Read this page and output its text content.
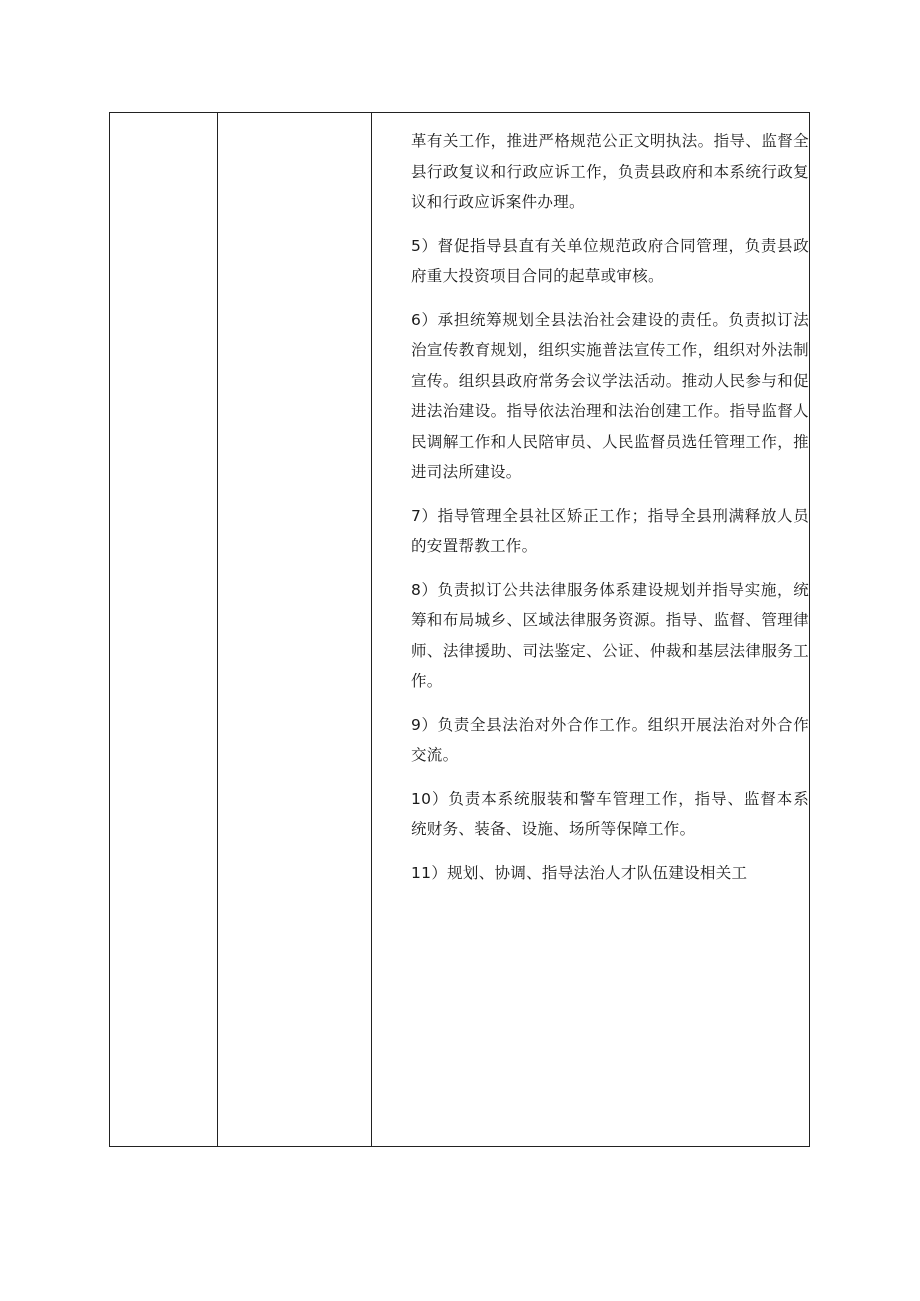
革有关工作，推进严格规范公正文明执法。指导、监督全县行政复议和行政应诉工作，负责县政府和本系统行政复议和行政应诉案件办理。

5）督促指导县直有关单位规范政府合同管理，负责县政府重大投资项目合同的起草或审核。

6）承担统筹规划全县法治社会建设的责任。负责拟订法治宣传教育规划，组织实施普法宣传工作，组织对外法制宣传。组织县政府常务会议学法活动。推动人民参与和促进法治建设。指导依法治理和法治创建工作。指导监督人民调解工作和人民陪审员、人民监督员选任管理工作，推进司法所建设。

7）指导管理全县社区矫正工作；指导全县刑满释放人员的安置帮教工作。

8）负责拟订公共法律服务体系建设规划并指导实施，统筹和布局城乡、区域法律服务资源。指导、监督、管理律师、法律援助、司法鉴定、公证、仲裁和基层法律服务工作。

9）负责全县法治对外合作工作。组织开展法治对外合作交流。

10）负责本系统服装和警车管理工作，指导、监督本系统财务、装备、设施、场所等保障工作。

11）规划、协调、指导法治人才队伍建设相关工
